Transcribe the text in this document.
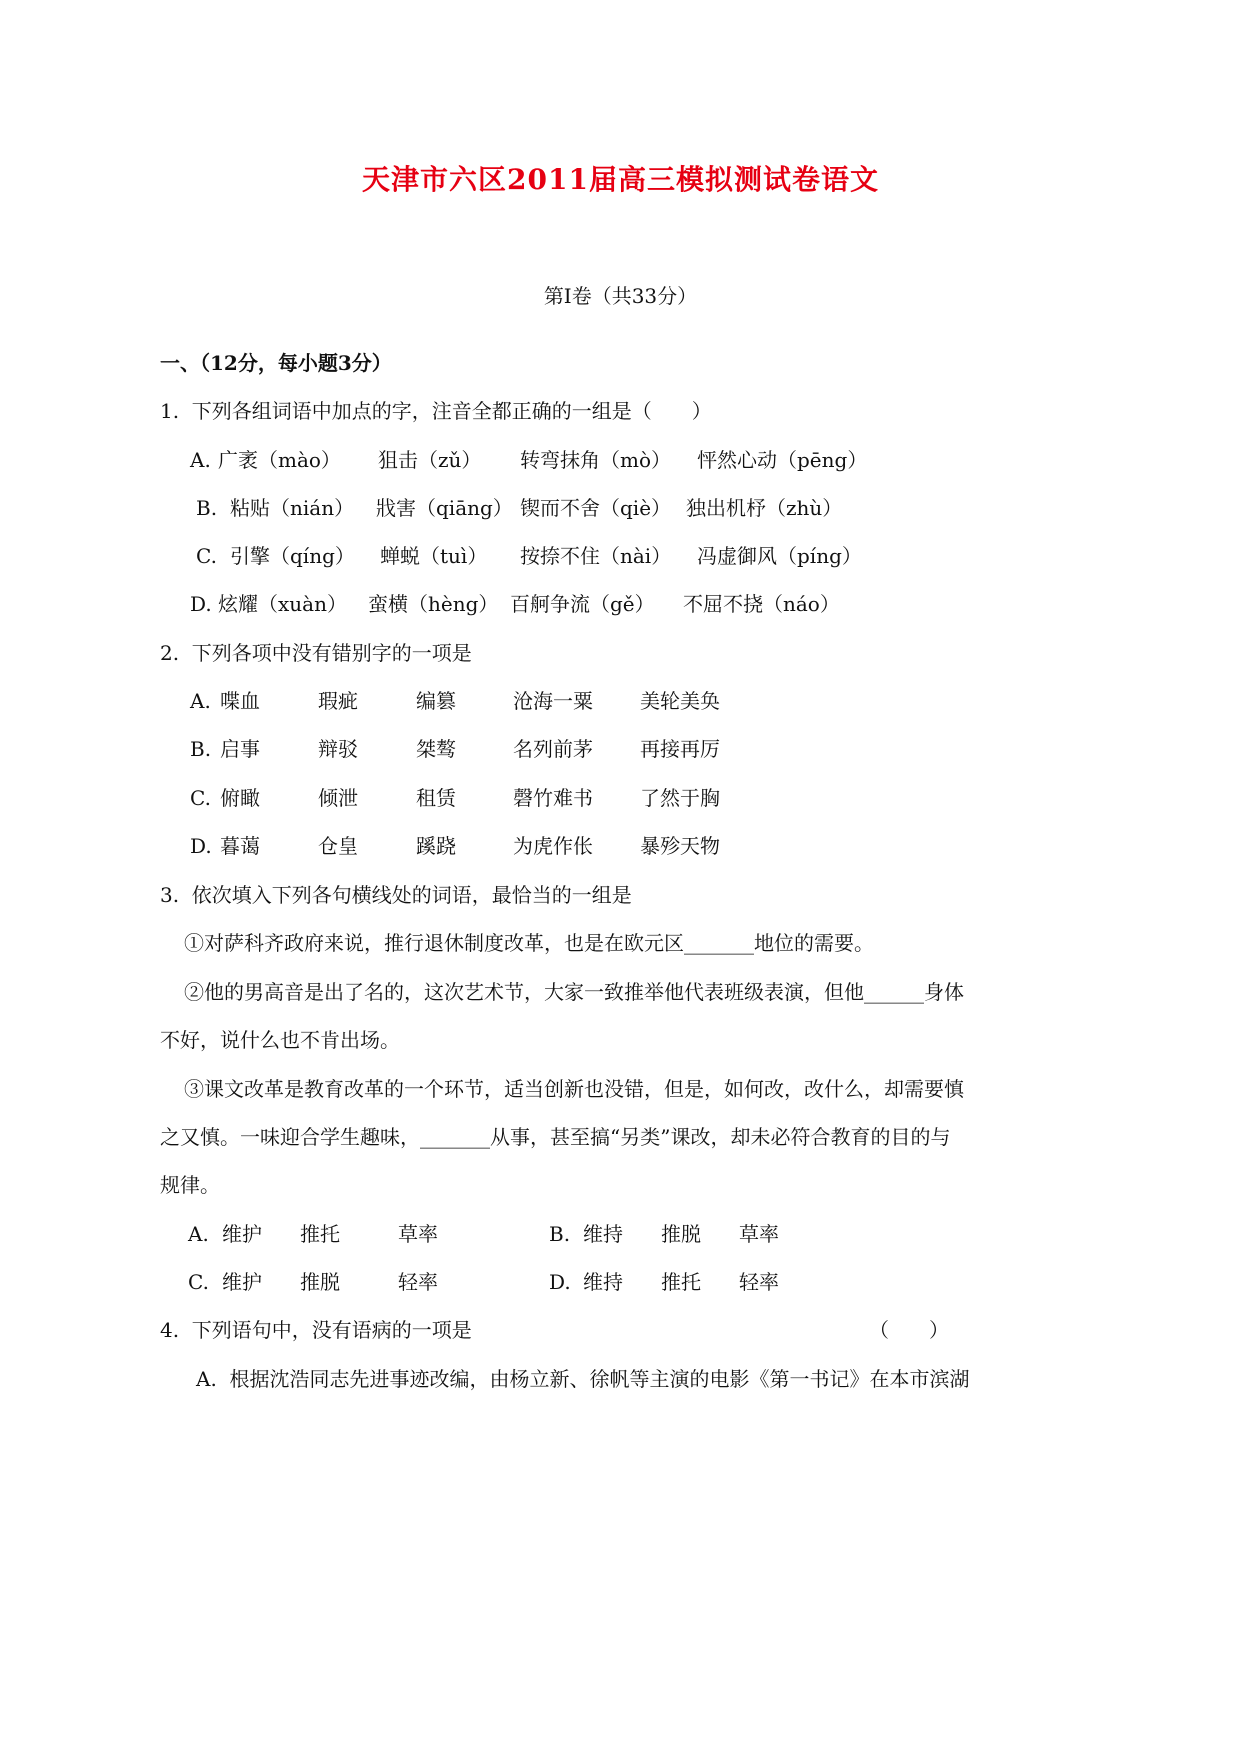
天津市六区2011届高三模拟测试卷语文
第Ⅰ卷（共33分）
一、（12分，每小题3分）
1.  下列各组词语中加点的字，注音全都正确的一组是（　　）
A. 广袤（mào） 狙击（zǔ） 转弯抹角（mò） 怦然心动（pēng）
B. 粘贴（nián） 戕害（qiāng） 锲而不舍（qiè） 独出机杼（zhù）
C. 引擎（qíng） 蝉蜕（tuì） 按捺不住（nài） 冯虚御风（píng）
D. 炫耀（xuàn） 蛮横（hèng） 百舸争流（gě） 不屈不挠（náo）
2.  下列各项中没有错别字的一项是
A. 喋血	瑕疵	编篡	沧海一粟 美轮美奂
B. 启事	辩驳	桀骜	名列前茅 再接再厉
C. 俯瞰	倾泄	租赁	磬竹难书 了然于胸
D. 暮蔼	仓皇	蹊跷	为虎作伥 暴殄天物
3.  依次填入下列各句横线处的词语，最恰当的一组是
①对萨科齐政府来说，推行退休制度改革，也是在欧元区_______地位的需要。
②他的男高音是出了名的，这次艺术节，大家一致推举他代表班级表演，但他______身体
不好，说什么也不肯出场。
③课文改革是教育改革的一个环节，适当创新也没错，但是，如何改，改什么，却需要慎
之又慎。一味迎合学生趣味，_______从事，甚至搞“另类”课改，却未必符合教育的目的与
规律。
A. 维护 推托	草率	B. 维持 推脱 草率
C. 维护 推脱	轻率	D. 维持 推托 轻率
4.  下列语句中，没有语病的一项是	（　　）
A.  根据沈浩同志先进事迹改编，由杨立新、徐帆等主演的电影《第一书记》在本市滨湖
